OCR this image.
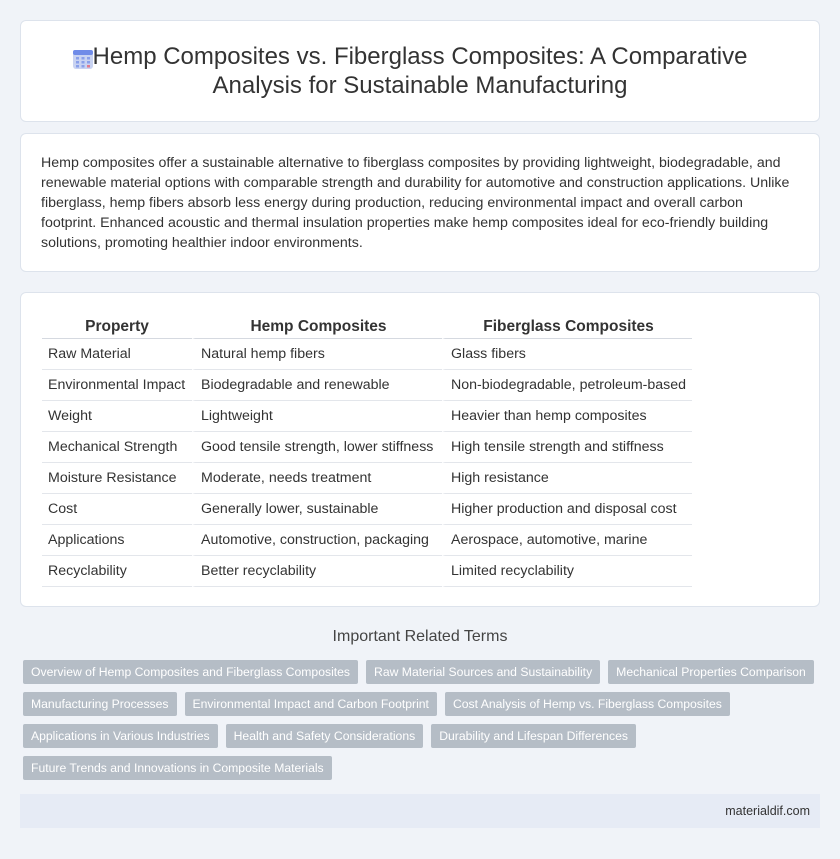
Hemp Composites vs. Fiberglass Composites: A Comparative Analysis for Sustainable Manufacturing

Hemp composites offer a sustainable alternative to fiberglass composites by providing lightweight, biodegradable, and renewable material options with comparable strength and durability for automotive and construction applications. Unlike fiberglass, hemp fibers absorb less energy during production, reducing environmental impact and overall carbon footprint. Enhanced acoustic and thermal insulation properties make hemp composites ideal for eco-friendly building solutions, promoting healthier indoor environments.

Property	Hemp Composites	Fiberglass Composites
Raw Material	Natural hemp fibers	Glass fibers
Environmental Impact	Biodegradable and renewable	Non-biodegradable, petroleum-based
Weight	Lightweight	Heavier than hemp composites
Mechanical Strength	Good tensile strength, lower stiffness	High tensile strength and stiffness
Moisture Resistance	Moderate, needs treatment	High resistance
Cost	Generally lower, sustainable	Higher production and disposal cost
Applications	Automotive, construction, packaging	Aerospace, automotive, marine
Recyclability	Better recyclability	Limited recyclability
Important Related Terms
Overview of Hemp Composites and Fiberglass Composites	Raw Material Sources and Sustainability	Mechanical Properties Comparison
Manufacturing Processes	Environmental Impact and Carbon Footprint	Cost Analysis of Hemp vs. Fiberglass Composites
Applications in Various Industries	Health and Safety Considerations	Durability and Lifespan Differences
Future Trends and Innovations in Composite Materials
materialdif.com
